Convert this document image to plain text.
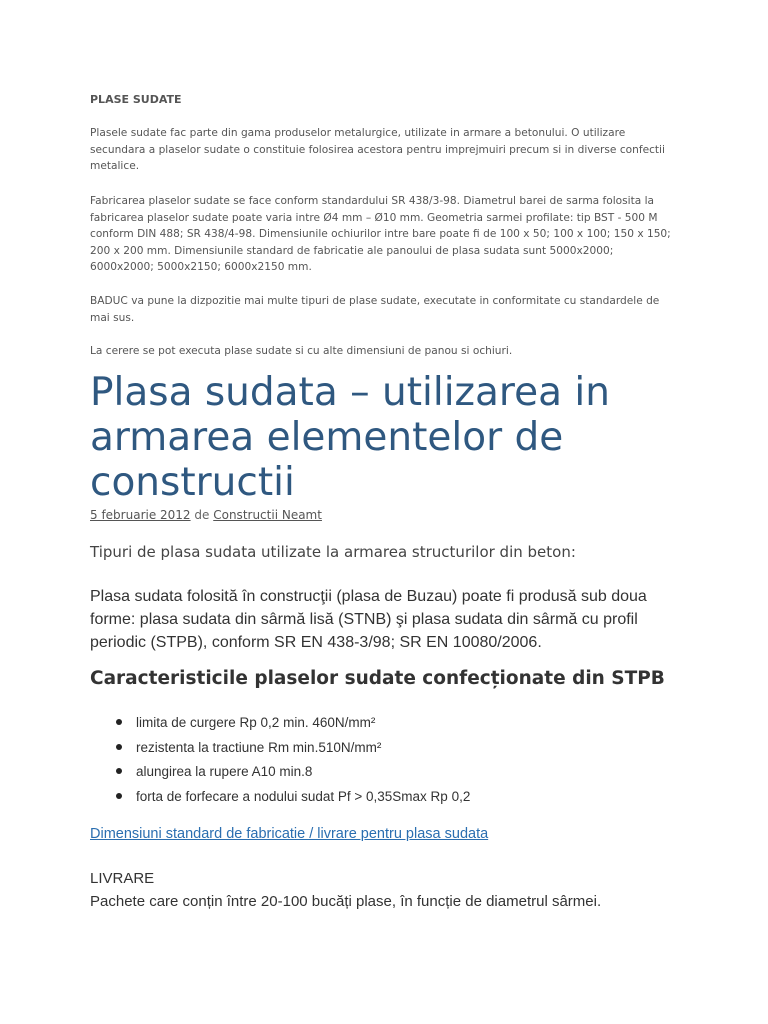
PLASE SUDATE

Plasele sudate fac parte din gama produselor metalurgice, utilizate in armare a betonului. O utilizare secundara a plaselor sudate o constituie folosirea acestora pentru imprejmuiri precum si in diverse confectii metalice.

Fabricarea plaselor sudate se face conform standardului SR 438/3-98. Diametrul barei de sarma folosita la fabricarea plaselor sudate poate varia intre Ø4 mm – Ø10 mm. Geometria sarmei profilate: tip BST - 500 M conform DIN 488; SR 438/4-98. Dimensiunile ochiurilor intre bare poate fi de 100 x 50; 100 x 100; 150 x 150; 200 x 200 mm. Dimensiunile standard de fabricatie ale panoului de plasa sudata sunt 5000x2000; 6000x2000; 5000x2150; 6000x2150 mm.

BADUC va pune la dizpozitie mai multe tipuri de plase sudate, executate in conformitate cu standardele de mai sus.

La cerere se pot executa plase sudate si cu alte dimensiuni de panou si ochiuri.

Plasa sudata – utilizarea in armarea elementelor de constructii
5 februarie 2012 de Constructii Neamt

Tipuri de plasa sudata utilizate la armarea structurilor din beton:

Plasa sudata folosită în construcţii (plasa de Buzau) poate fi produsă sub doua forme: plasa sudata din sârmă lisă (STNB) şi plasa sudata din sârmă cu profil periodic (STPB), conform SR EN 438-3/98; SR EN 10080/2006.

Caracteristicile plaselor sudate confecționate din STPB
limita de curgere Rp 0,2 min. 460N/mm²
rezistenta la tractiune Rm min.510N/mm²
alungirea la rupere A10 min.8
forta de forfecare a nodului sudat Pf > 0,35Smax Rp 0,2
Dimensiuni standard de fabricatie / livrare pentru plasa sudata
LIVRARE
Pachete care conțin între 20-100 bucăți plase, în funcție de diametrul sârmei.
